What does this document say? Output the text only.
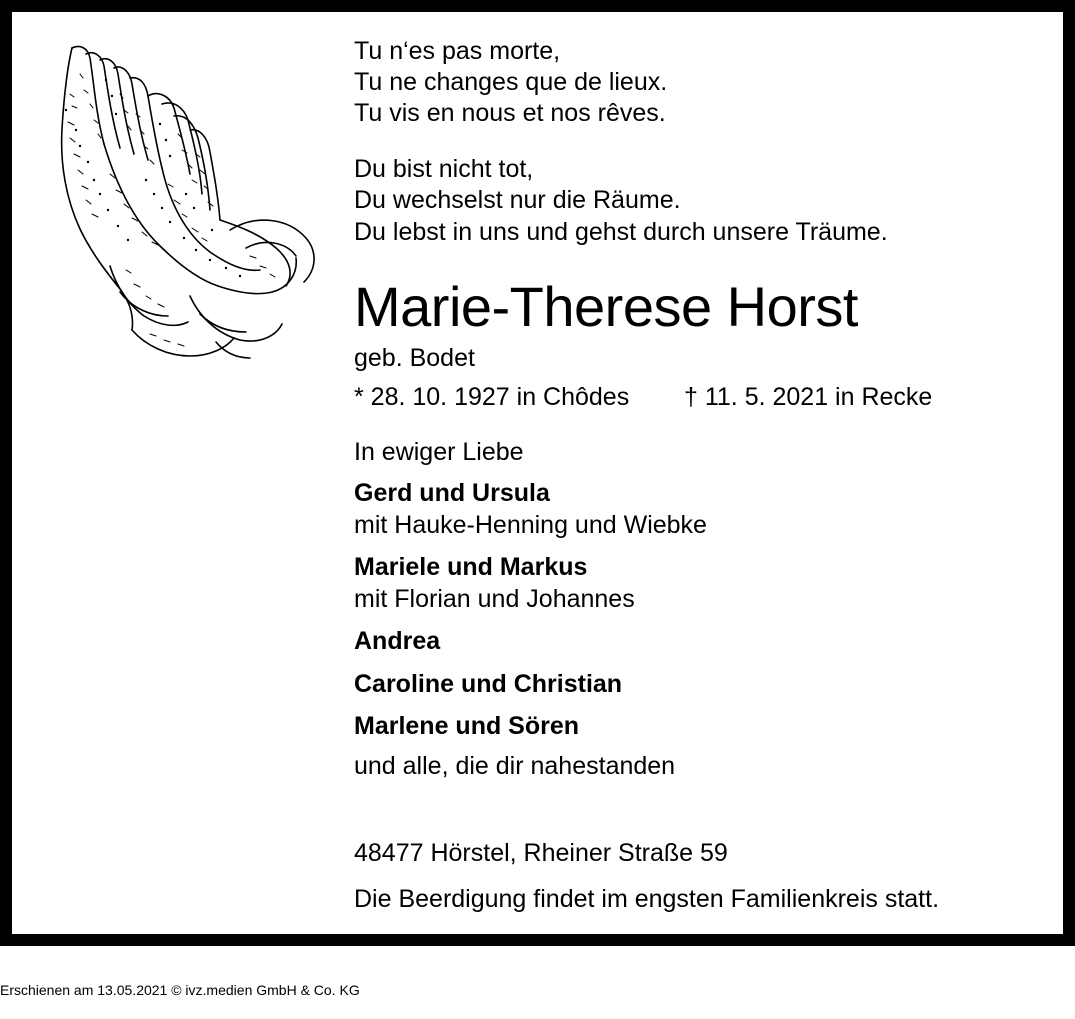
Tu n‘es pas morte,
Tu ne changes que de lieux.
Tu vis en nous et nos rêves.
Du bist nicht tot,
Du wechselst nur die Räume.
Du lebst in uns und gehst durch unsere Träume.
Marie-Therese Horst
geb. Bodet
* 28. 10. 1927 in Chôdes † 11. 5. 2021 in Recke
In ewiger Liebe
Gerd und Ursula
mit Hauke-Henning und Wiebke
Mariele und Markus
mit Florian und Johannes
Andrea
Caroline und Christian
Marlene und Sören
und alle, die dir nahestanden
48477 Hörstel, Rheiner Straße 59
Die Beerdigung findet im engsten Familienkreis statt.
Erschienen am 13.05.2021 © ivz.medien GmbH & Co. KG
